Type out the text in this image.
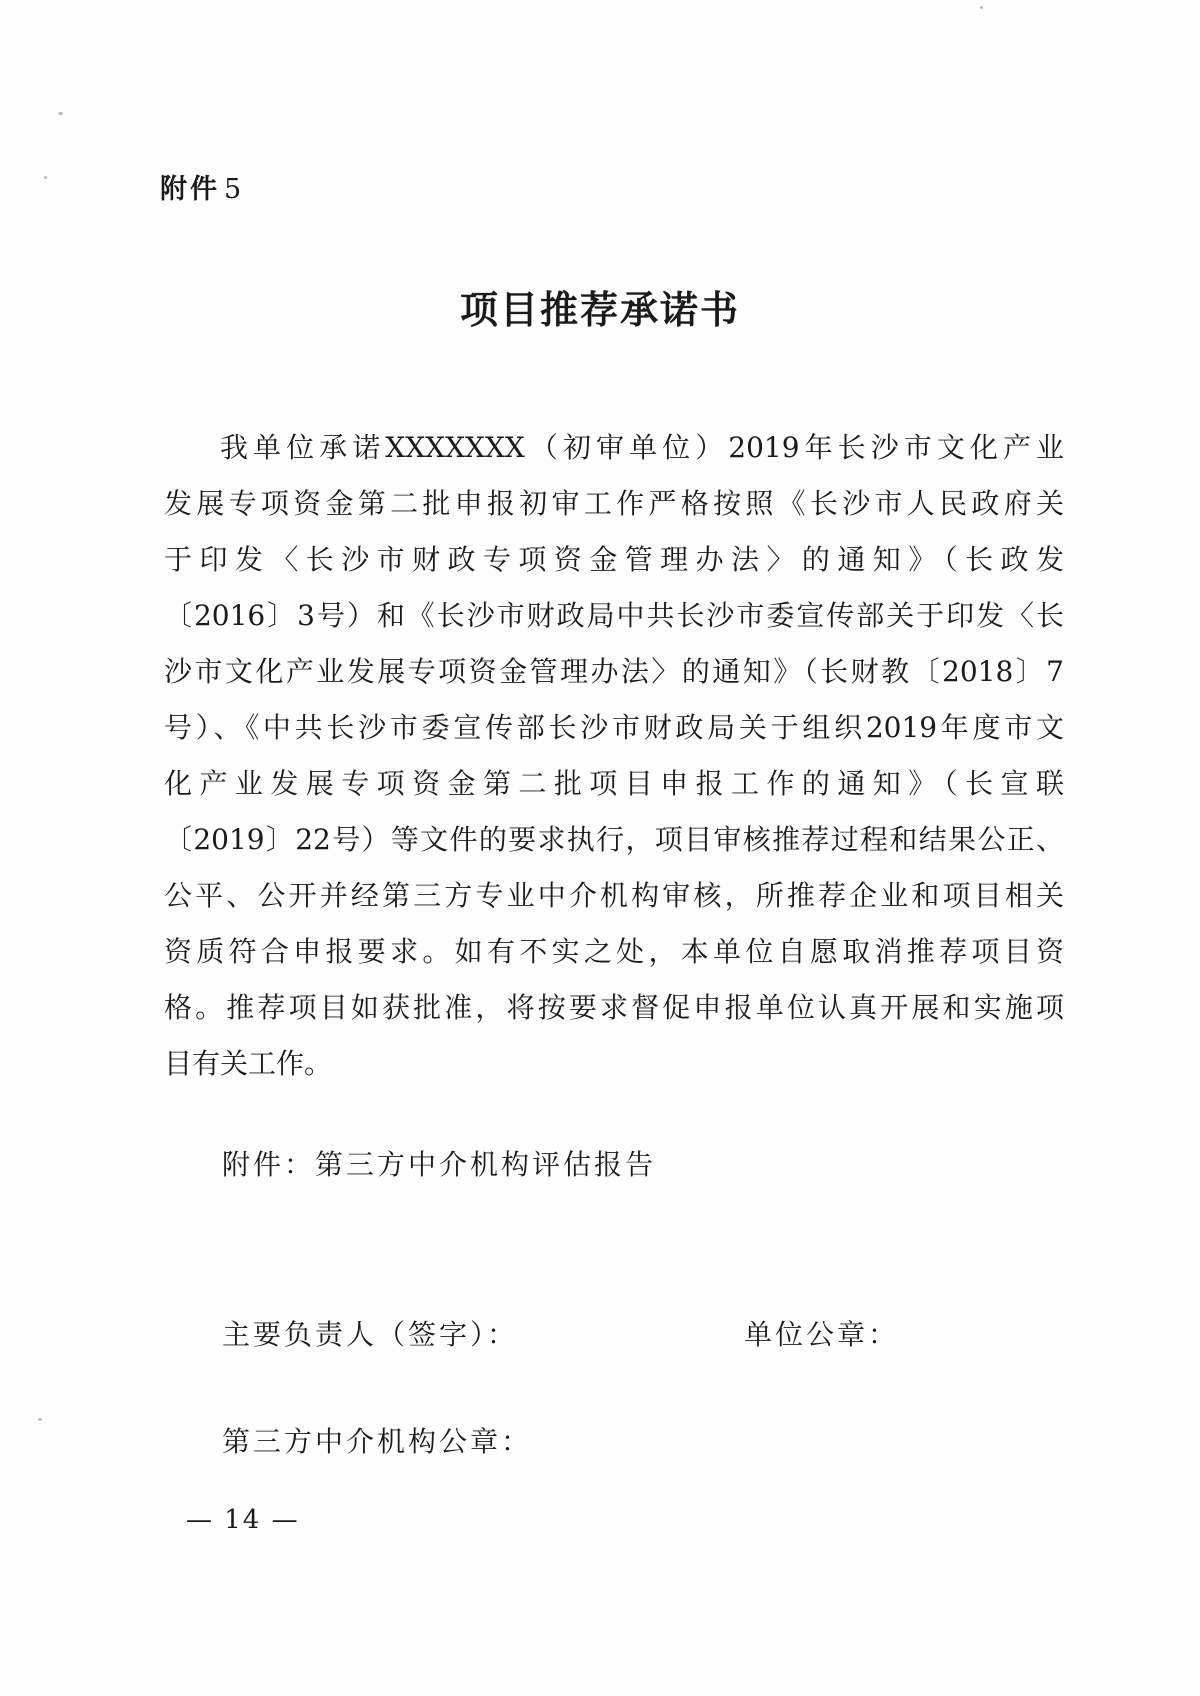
附件 5
项目推荐承诺书
我单位承诺XXXXXXX（初审单位）2019年长沙市文化产业
发展专项资金第二批申报初审工作严格按照《长沙市人民政府关
于印发〈长沙市财政专项资金管理办法〉的通知》（长政发
〔2016〕3号）和《长沙市财政局中共长沙市委宣传部关于印发〈长
沙市文化产业发展专项资金管理办法〉的通知》（长财教〔2018〕7
号）、《中共长沙市委宣传部长沙市财政局关于组织2019年度市文
化产业发展专项资金第二批项目申报工作的通知》（长宣联
〔2019〕22号）等文件的要求执行，项目审核推荐过程和结果公正、
公平、公开并经第三方专业中介机构审核，所推荐企业和项目相关
资质符合申报要求。如有不实之处，本单位自愿取消推荐项目资
格。推荐项目如获批准，将按要求督促申报单位认真开展和实施项
目有关工作。
附件：第三方中介机构评估报告
主要负责人（签字）：	单位公章：
第三方中介机构公章：
— 14 —
